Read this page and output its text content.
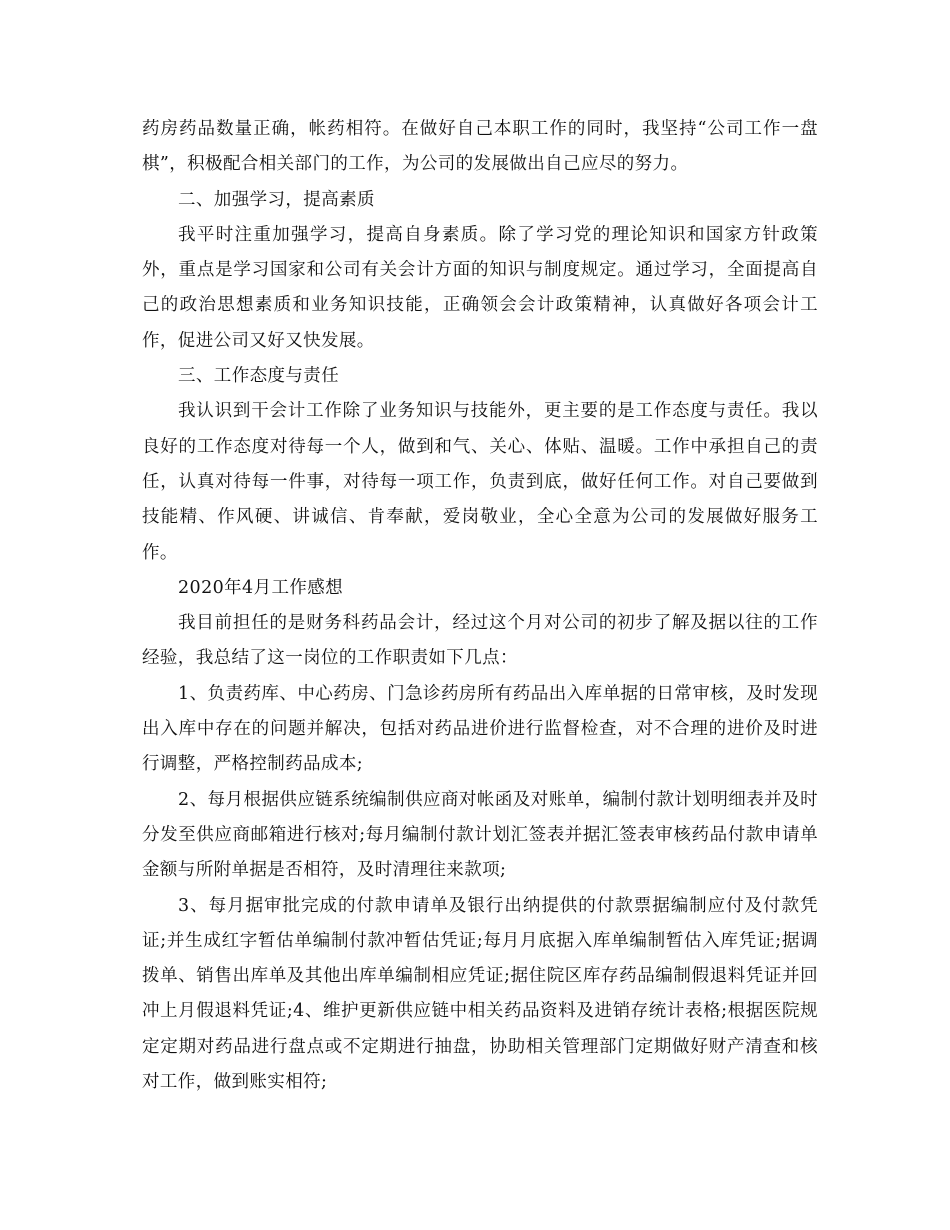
药房药品数量正确，帐药相符。在做好自己本职工作的同时，我坚持“公司工作一盘棋”，积极配合相关部门的工作，为公司的发展做出自己应尽的努力。

二、加强学习，提高素质

我平时注重加强学习，提高自身素质。除了学习党的理论知识和国家方针政策外，重点是学习国家和公司有关会计方面的知识与制度规定。通过学习，全面提高自己的政治思想素质和业务知识技能，正确领会会计政策精神，认真做好各项会计工作，促进公司又好又快发展。

三、工作态度与责任

我认识到干会计工作除了业务知识与技能外，更主要的是工作态度与责任。我以良好的工作态度对待每一个人，做到和气、关心、体贴、温暖。工作中承担自己的责任，认真对待每一件事，对待每一项工作，负责到底，做好任何工作。对自己要做到技能精、作风硬、讲诚信、肯奉献，爱岗敬业，全心全意为公司的发展做好服务工作。

2020年4月工作感想

我目前担任的是财务科药品会计，经过这个月对公司的初步了解及据以往的工作经验，我总结了这一岗位的工作职责如下几点：

1、负责药库、中心药房、门急诊药房所有药品出入库单据的日常审核，及时发现出入库中存在的问题并解决，包括对药品进价进行监督检查，对不合理的进价及时进行调整，严格控制药品成本;

2、每月根据供应链系统编制供应商对帐函及对账单，编制付款计划明细表并及时分发至供应商邮箱进行核对;每月编制付款计划汇签表并据汇签表审核药品付款申请单金额与所附单据是否相符，及时清理往来款项;

3、每月据审批完成的付款申请单及银行出纳提供的付款票据编制应付及付款凭证;并生成红字暂估单编制付款冲暂估凭证;每月月底据入库单编制暂估入库凭证;据调拨单、销售出库单及其他出库单编制相应凭证;据住院区库存药品编制假退料凭证并回冲上月假退料凭证;4、维护更新供应链中相关药品资料及进销存统计表格;根据医院规定定期对药品进行盘点或不定期进行抽盘，协助相关管理部门定期做好财产清查和核对工作，做到账实相符;
